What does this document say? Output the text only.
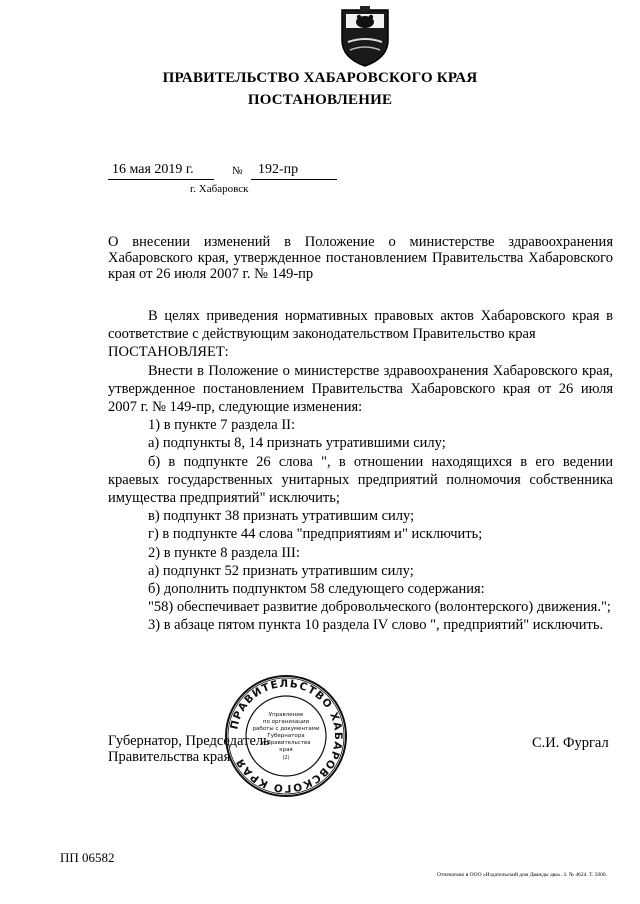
ПРАВИТЕЛЬСТВО ХАБАРОВСКОГО КРАЯ
ПОСТАНОВЛЕНИЕ
16 мая 2019 г.	№ 192-пр
г. Хабаровск
О внесении изменений в Положение о министерстве здравоохранения Хабаровского края, утвержденное постановлением Правительства Хабаровского края от 26 июля 2007 г. № 149-пр

В целях приведения нормативных правовых актов Хабаровского края в соответствие с действующим законодательством Правительство края

ПОСТАНОВЛЯЕТ:

Внести в Положение о министерстве здравоохранения Хабаровского края, утвержденное постановлением Правительства Хабаровского края от 26 июля 2007 г. № 149-пр, следующие изменения:

1) в пункте 7 раздела II:

а) подпункты 8, 14 признать утратившими силу;

б) в подпункте 26 слова ", в отношении находящихся в его ведении краевых государственных унитарных предприятий полномочия собственника имущества предприятий" исключить;

в) подпункт 38 признать утратившим силу;

г) в подпункте 44 слова "предприятиям и" исключить;

2) в пункте 8 раздела III:

а) подпункт 52 признать утратившим силу;

б) дополнить подпунктом 58 следующего содержания:

"58) обеспечивает развитие добровольческого (волонтерского) движения.";

3) в абзаце пятом пункта 10 раздела IV слово ", предприятий" исключить.

Губернатор, Председатель
Правительства края
С.И. Фургал
ПРАВИТЕЛЬСТВО ХАБАРОВСКОГО КРАЯ
Управление
по организации
работы с документами
Губернатора
и Правительства
края
(2)
ПП 06582
Отпечатано в ООО «Издательский дом Дважды два». З. № 4624. Т. 5000.
